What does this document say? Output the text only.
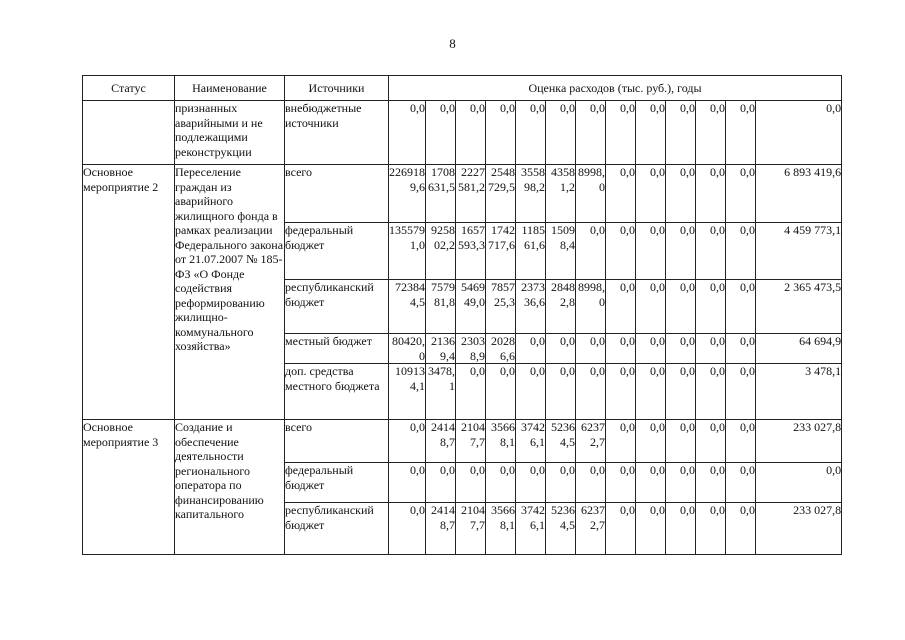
8
Статус	Наименование	Источники	Оценка расходов (тыс. руб.), годы												
	признанных аварийными и не подлежащими реконструкции	внебюджетные источники	0,0	0,0	0,0	0,0	0,0	0,0	0,0	0,0	0,0	0,0	0,0	0,0	0,0
Основное мероприятие 2	Переселение граждан из аварийного жилищного фонда в рамках реализации Федерального закона от 21.07.2007 № 185-ФЗ «О Фонде содействия реформированию жилищно-коммунального хозяйства»	всего	2269189,6	1708631,5	2227581,2	2548729,5	355898,2	43581,2	8998,0	0,0	0,0	0,0	0,0	0,0	6 893 419,6
		федеральный бюджет	1355791,0	925802,2	1657593,3	1742717,6	118561,6	15098,4	0,0	0,0	0,0	0,0	0,0	0,0	4 459 773,1
		республиканский бюджет	723844,5	757981,8	546949,0	785725,3	237336,6	28482,8	8998,0	0,0	0,0	0,0	0,0	0,0	2 365 473,5
		местный бюджет	80420,0	21369,4	23038,9	20286,6	0,0	0,0	0,0	0,0	0,0	0,0	0,0	0,0	64 694,9
		доп. средства местного бюджета	109134,1	3478,1	0,0	0,0	0,0	0,0	0,0	0,0	0,0	0,0	0,0	0,0	3 478,1
Основное мероприятие 3	Создание и обеспечение деятельности регионального оператора по финансированию капитального	всего	0,0	24148,7	21047,7	35668,1	37426,1	52364,5	62372,7	0,0	0,0	0,0	0,0	0,0	233 027,8
		федеральный бюджет	0,0	0,0	0,0	0,0	0,0	0,0	0,0	0,0	0,0	0,0	0,0	0,0	0,0
		республиканский бюджет	0,0	24148,7	21047,7	35668,1	37426,1	52364,5	62372,7	0,0	0,0	0,0	0,0	0,0	233 027,8
